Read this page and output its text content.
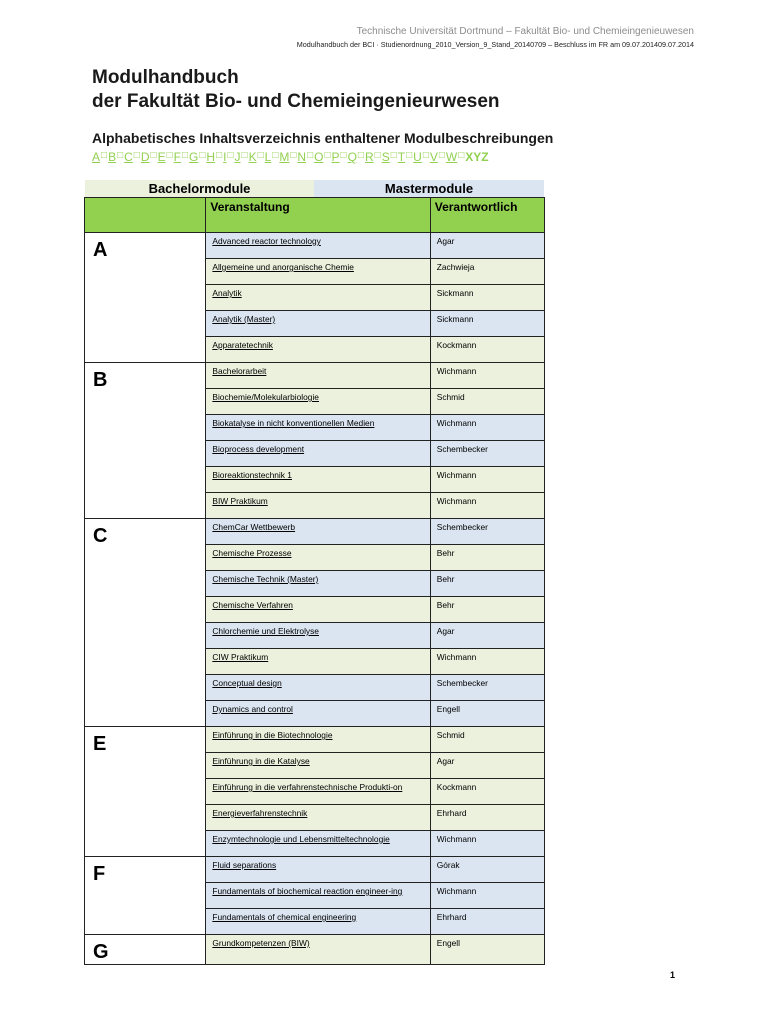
Technische Universität Dortmund – Fakultät Bio- und Chemieingenieuwesen
Modulhandbuch der BCI · Studienordnung_2010_Version_9_Stand_20140709 – Beschluss im FR am 09.07.201409.07.2014
Modulhandbuch
der Fakultät Bio- und Chemieingenieurwesen
Alphabetisches Inhaltsverzeichnis enthaltener Modulbeschreibungen
A □ B □ C □ D □ E □ F □ G □ H □ I □ J □ K □ L □ M □ N □ O □ P □ Q □ R □ S □ T □ U □ V □ W □ XYZ
Bachelormodule	Mastermodule
	Veranstaltung	Verantwortlich
A	Advanced reactor technology	Agar
	Allgemeine und anorganische Chemie	Zachwieja
	Analytik	Sickmann
	Analytik (Master)	Sickmann
	Apparatetechnik	Kockmann
B	Bachelorarbeit	Wichmann
	Biochemie/Molekularbiologie	Schmid
	Biokatalyse in nicht konventionellen Medien	Wichmann
	Bioprocess development	Schembecker
	Bioreaktionstechnik 1	Wichmann
	BIW Praktikum	Wichmann
C	ChemCar Wettbewerb	Schembecker
	Chemische Prozesse	Behr
	Chemische Technik (Master)	Behr
	Chemische Verfahren	Behr
	Chlorchemie und Elektrolyse	Agar
	CIW Praktikum	Wichmann
	Conceptual design	Schembecker
	Dynamics and control	Engell
E	Einführung in die Biotechnologie	Schmid
	Einführung in die Katalyse	Agar
	Einführung in die verfahrenstechnische Produkti-on	Kockmann
	Energieverfahrenstechnik	Ehrhard
	Enzymtechnologie und Lebensmitteltechnologie	Wichmann
F	Fluid separations	Górak
	Fundamentals of biochemical reaction engineer-ing	Wichmann
	Fundamentals of chemical engineering	Ehrhard
G	Grundkompetenzen (BIW)	Engell
1
